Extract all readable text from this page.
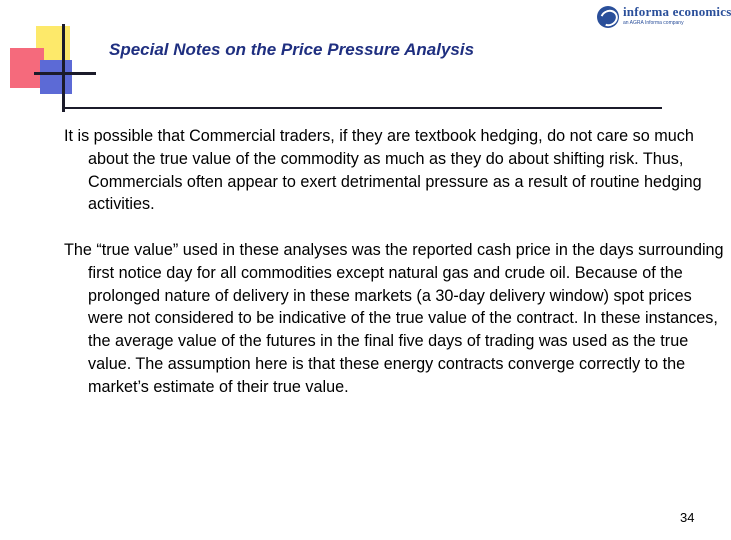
informa economics
an AGRA Informa company
Special Notes on the Price Pressure Analysis

It is possible that Commercial traders, if they are textbook hedging, do not care so much about the true value of the commodity as much as they do about shifting risk. Thus, Commercials often appear to exert detrimental pressure as a result of routine hedging activities.

The “true value” used in these analyses was the reported cash price in the days surrounding first notice day for all commodities except natural gas and crude oil. Because of the prolonged nature of delivery in these markets (a 30-day delivery window) spot prices were not considered to be indicative of the true value of the contract. In these instances, the average value of the futures in the final five days of trading was used as the true value. The assumption here is that these energy contracts converge correctly to the market’s estimate of their true value.

34
